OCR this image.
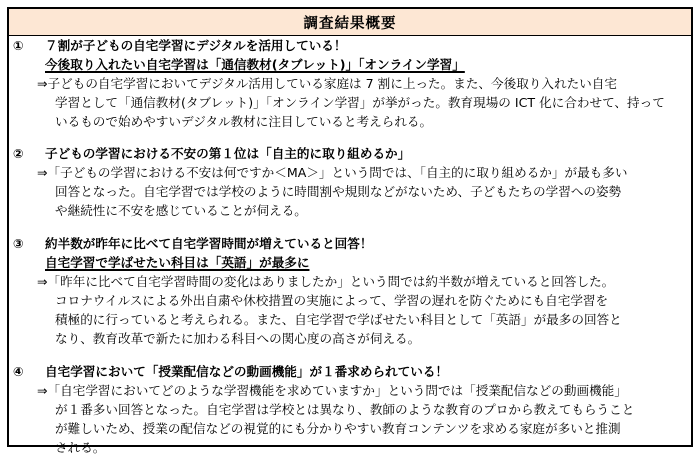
調査結果概要
① ７割が子どもの自宅学習にデジタルを活用している！
今後取り入れたい自宅学習は「通信教材(タブレット)」「オンライン学習」
⇒子どもの自宅学習においてデジタル活用している家庭は 7 割に上った。また、今後取り入れたい自宅
学習として「通信教材(タブレット)」「オンライン学習」が挙がった。教育現場の ICT 化に合わせて、持って
いるもので始めやすいデジタル教材に注目していると考えられる。
② 子どもの学習における不安の第１位は「自主的に取り組めるか」
⇒「子どもの学習における不安は何ですか＜MA＞」という問では、「自主的に取り組めるか」が最も多い
回答となった。自宅学習では学校のように時間割や規則などがないため、子どもたちの学習への姿勢
や継続性に不安を感じていることが伺える。
③ 約半数が昨年に比べて自宅学習時間が増えていると回答！
自宅学習で学ばせたい科目は「英語」が最多に
⇒「昨年に比べて自宅学習時間の変化はありましたか」という問では約半数が増えていると回答した。
コロナウイルスによる外出自粛や休校措置の実施によって、学習の遅れを防ぐためにも自宅学習を
積極的に行っていると考えられる。また、自宅学習で学ばせたい科目として「英語」が最多の回答と
なり、教育改革で新たに加わる科目への関心度の高さが伺える。
④ 自宅学習において「授業配信などの動画機能」が１番求められている！
⇒「自宅学習においてどのような学習機能を求めていますか」という問では「授業配信などの動画機能」
が１番多い回答となった。自宅学習は学校とは異なり、教師のような教育のプロから教えてもらうこと
が難しいため、授業の配信などの視覚的にも分かりやすい教育コンテンツを求める家庭が多いと推測
される。
